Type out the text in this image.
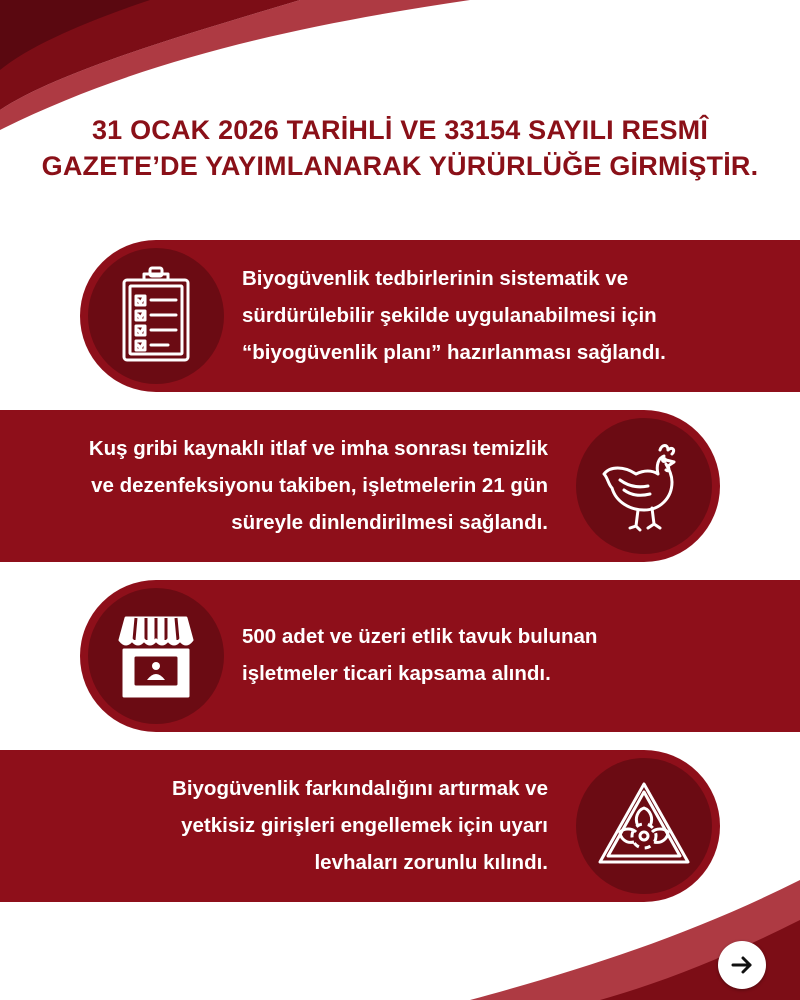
31 OCAK 2026 TARİHLİ VE 33154 SAYILI RESMÎ
GAZETE’DE YAYIMLANARAK YÜRÜRLÜĞE GİRMİŞTİR.
Biyogüvenlik tedbirlerinin sistematik ve
sürdürülebilir şekilde uygulanabilmesi için
“biyogüvenlik planı” hazırlanması sağlandı.
Kuş gribi kaynaklı itlaf ve imha sonrası temizlik
ve dezenfeksiyonu takiben, işletmelerin 21 gün
süreyle dinlendirilmesi sağlandı.
500 adet ve üzeri etlik tavuk bulunan
işletmeler ticari kapsama alındı.
Biyogüvenlik farkındalığını artırmak ve
yetkisiz girişleri engellemek için uyarı
levhaları zorunlu kılındı.
